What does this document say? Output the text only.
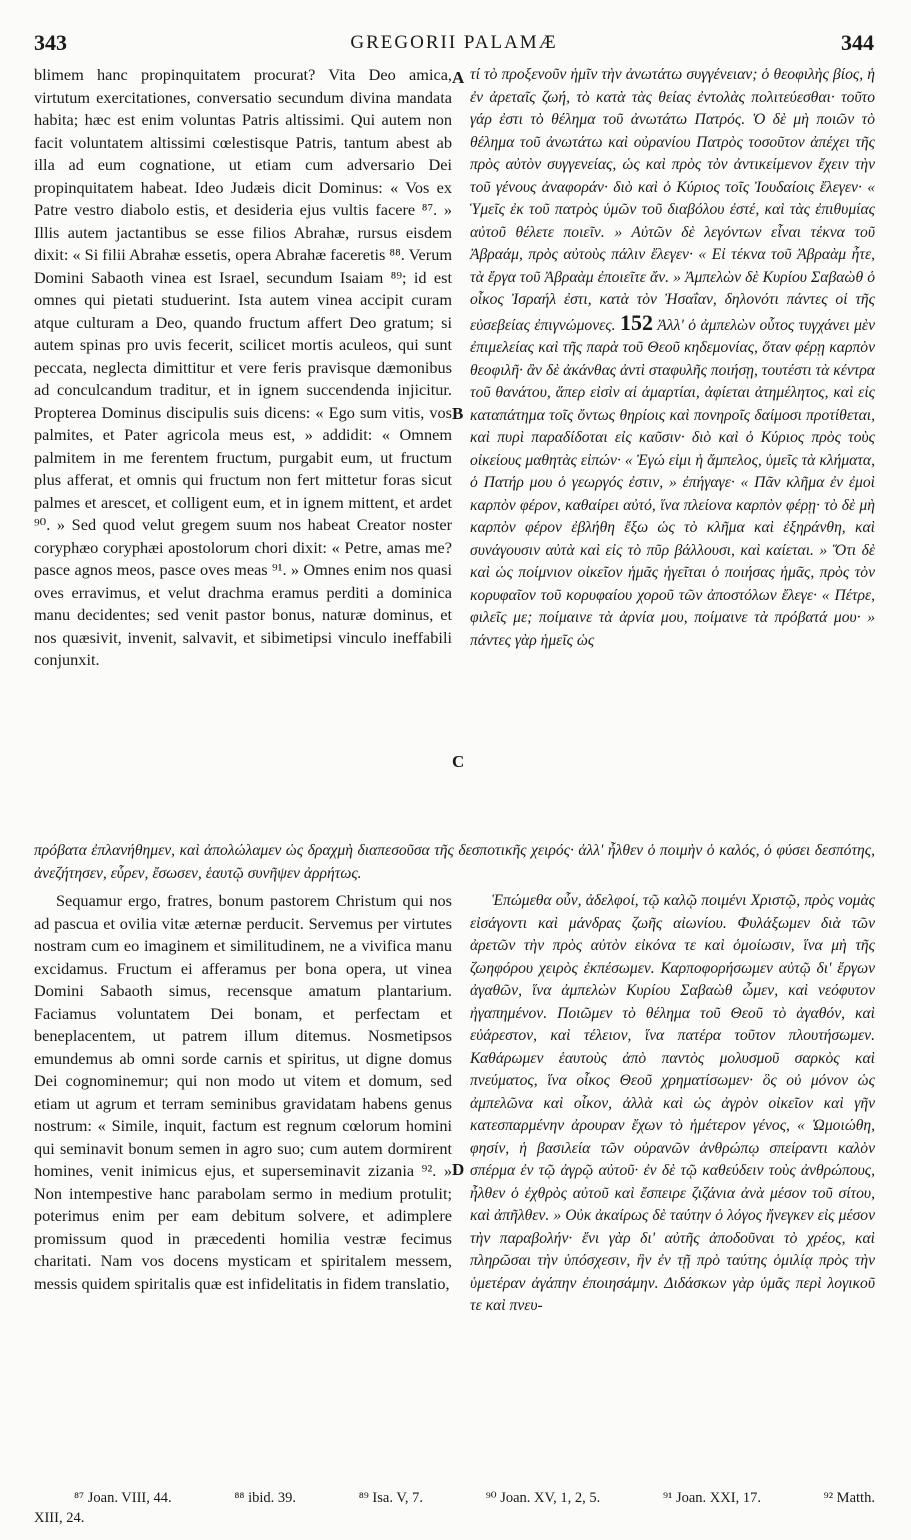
343	GREGORII PALAMÆ	344

blimem hanc propinquitatem procurat? Vita Deo amica, virtutum exercitationes, conversatio secundum divina mandata habita; hæc est enim voluntas Patris altissimi. Qui autem non facit voluntatem altissimi cœlestisque Patris, tantum abest ab illa ad eum cognatione, ut etiam cum adversario Dei propinquitatem habeat. Ideo Judæis dicit Dominus: « Vos ex Patre vestro diabolo estis, et desideria ejus vultis facere ⁸⁷. » Illis autem jactantibus se esse filios Abrahæ, rursus eisdem dixit: « Si filii Abrahæ essetis, opera Abrahæ faceretis ⁸⁸. Verum Domini Sabaoth vinea est Israel, secundum Isaiam ⁸⁹; id est omnes qui pietati studuerint. Ista autem vinea accipit curam atque culturam a Deo, quando fructum affert Deo gratum; si autem spinas pro uvis fecerit, scilicet mortis aculeos, qui sunt peccata, neglecta dimittitur et vere feris pravisque dæmonibus ad conculcandum traditur, et in ignem succendenda injicitur. Propterea Dominus discipulis suis dicens: « Ego sum vitis, vos palmites, et Pater agricola meus est, » addidit: « Omnem palmitem in me ferentem fructum, purgabit eum, ut fructum plus afferat, et omnis qui fructum non fert mittetur foras sicut palmes et arescet, et colligent eum, et in ignem mittent, et ardet ⁹⁰. » Sed quod velut gregem suum nos habeat Creator noster coryphæo coryphæi apostolorum chori dixit: « Petre, amas me? pasce agnos meos, pasce oves meas ⁹¹. » Omnes enim nos quasi oves erravimus, et velut drachma eramus perditi a dominica manu decidentes; sed venit pastor bonus, naturæ dominus, et nos quæsivit, invenit, salvavit, et sibimetipsi vinculo ineffabili conjunxit.

τί τὸ προξενοῦν ἡμῖν τὴν ἀνωτάτω συγγένειαν; ὁ θεοφιλὴς βίος, ἡ ἐν ἀρεταῖς ζωή, τὸ κατὰ τὰς θείας ἐντολὰς πολιτεύεσθαι· τοῦτο γάρ ἐστι τὸ θέλημα τοῦ ἀνωτάτω Πατρός. Ὁ δὲ μὴ ποιῶν τὸ θέλημα τοῦ ἀνωτάτω καὶ οὐρανίου Πατρὸς τοσοῦτον ἀπέχει τῆς πρὸς αὐτὸν συγγενείας, ὡς καὶ πρὸς τὸν ἀντικείμενον ἔχειν τὴν τοῦ γένους ἀναφοράν· διὸ καὶ ὁ Κύριος τοῖς Ἰουδαίοις ἔλεγεν· « Ὑμεῖς ἐκ τοῦ πατρὸς ὑμῶν τοῦ διαβόλου ἐστέ, καὶ τὰς ἐπιθυμίας αὐτοῦ θέλετε ποιεῖν. » Αὐτῶν δὲ λεγόντων εἶναι τέκνα τοῦ Ἀβραάμ, πρὸς αὐτοὺς πάλιν ἔλεγεν· « Εἰ τέκνα τοῦ Ἀβραὰμ ἦτε, τὰ ἔργα τοῦ Ἀβραὰμ ἐποιεῖτε ἄν. » Ἀμπελὼν δὲ Κυρίου Σαβαὼθ ὁ οἶκος Ἰσραήλ ἐστι, κατὰ τὸν Ἠσαΐαν, δηλονότι πάντες οἱ τῆς εὐσεβείας ἐπιγνώμονες. 152 Ἀλλ' ὁ ἀμπελὼν οὗτος τυγχάνει μὲν ἐπιμελείας καὶ τῆς παρὰ τοῦ Θεοῦ κηδεμονίας, ὅταν φέρῃ καρπὸν θεοφιλῆ· ἂν δὲ ἀκάνθας ἀντὶ σταφυλῆς ποιήσῃ, τουτέστι τὰ κέντρα τοῦ θανάτου, ἅπερ εἰσὶν αἱ ἁμαρτίαι, ἀφίεται ἀτημέλητος, καὶ εἰς καταπάτημα τοῖς ὄντως θηρίοις καὶ πονηροῖς δαίμοσι προτίθεται, καὶ πυρὶ παραδίδοται εἰς καῦσιν· διὸ καὶ ὁ Κύριος πρὸς τοὺς οἰκείους μαθητὰς εἰπών· « Ἐγώ εἰμι ἡ ἄμπελος, ὑμεῖς τὰ κλήματα, ὁ Πατήρ μου ὁ γεωργός ἐστιν, » ἐπήγαγε· « Πᾶν κλῆμα ἐν ἐμοὶ καρπὸν φέρον, καθαίρει αὐτό, ἵνα πλείονα καρπὸν φέρῃ· τὸ δὲ μὴ καρπὸν φέρον ἐβλήθη ἔξω ὡς τὸ κλῆμα καὶ ἐξηράνθη, καὶ συνάγουσιν αὐτὰ καὶ εἰς τὸ πῦρ βάλλουσι, καὶ καίεται. » Ὅτι δὲ καὶ ὡς ποίμνιον οἰκεῖον ἡμᾶς ἡγεῖται ὁ ποιήσας ἡμᾶς, πρὸς τὸν κορυφαῖον τοῦ κορυφαίου χοροῦ τῶν ἀποστόλων ἔλεγε· « Πέτρε, φιλεῖς με; ποίμαινε τὰ ἀρνία μου, ποίμαινε τὰ πρόβατά μου· » πάντες γὰρ ἡμεῖς ὡς

A
B
C
D
πρόβατα ἐπλανήθημεν, καὶ ἀπολώλαμεν ὡς δραχμὴ διαπεσοῦσα τῆς δεσποτικῆς χειρός· ἀλλ' ἦλθεν ὁ ποιμὴν ὁ καλός, ὁ φύσει δεσπότης, ἀνεζήτησεν, εὗρεν, ἔσωσεν, ἑαυτῷ συνῆψεν ἀρρήτως.

Sequamur ergo, fratres, bonum pastorem Christum qui nos ad pascua et ovilia vitæ æternæ perducit. Servemus per virtutes nostram cum eo imaginem et similitudinem, ne a vivifica manu excidamus. Fructum ei afferamus per bona opera, ut vinea Domini Sabaoth simus, recensque amatum plantarium. Faciamus voluntatem Dei bonam, et perfectam et beneplacentem, ut patrem illum ditemus. Nosmetipsos emundemus ab omni sorde carnis et spiritus, ut digne domus Dei cognominemur; qui non modo ut vitem et domum, sed etiam ut agrum et terram seminibus gravidatam habens genus nostrum: « Simile, inquit, factum est regnum cœlorum homini qui seminavit bonum semen in agro suo; cum autem dormirent homines, venit inimicus ejus, et superseminavit zizania ⁹². » Non intempestive hanc parabolam sermo in medium protulit; poterimus enim per eam debitum solvere, et adimplere promissum quod in præcedenti homilia vestræ fecimus charitati. Nam vos docens mysticam et spiritalem messem, messis quidem spiritalis quæ est infidelitatis in fidem translatio,

Ἑπώμεθα οὖν, ἀδελφοί, τῷ καλῷ ποιμένι Χριστῷ, πρὸς νομὰς εἰσάγοντι καὶ μάνδρας ζωῆς αἰωνίου. Φυλάξωμεν διὰ τῶν ἀρετῶν τὴν πρὸς αὐτὸν εἰκόνα τε καὶ ὁμοίωσιν, ἵνα μὴ τῆς ζωηφόρου χειρὸς ἐκπέσωμεν. Καρποφορήσωμεν αὐτῷ δι' ἔργων ἀγαθῶν, ἵνα ἀμπελὼν Κυρίου Σαβαὼθ ὦμεν, καὶ νεόφυτον ἠγαπημένον. Ποιῶμεν τὸ θέλημα τοῦ Θεοῦ τὸ ἀγαθόν, καὶ εὐάρεστον, καὶ τέλειον, ἵνα πατέρα τοῦτον πλουτήσωμεν. Καθάρωμεν ἑαυτοὺς ἀπὸ παντὸς μολυσμοῦ σαρκὸς καὶ πνεύματος, ἵνα οἶκος Θεοῦ χρηματίσωμεν· ὃς οὐ μόνον ὡς ἀμπελῶνα καὶ οἶκον, ἀλλὰ καὶ ὡς ἀγρὸν οἰκεῖον καὶ γῆν κατεσπαρμένην ἀρουραν ἔχων τὸ ἡμέτερον γένος, « Ὡμοιώθη, φησίν, ἡ βασιλεία τῶν οὐρανῶν ἀνθρώπῳ σπείραντι καλὸν σπέρμα ἐν τῷ ἀγρῷ αὐτοῦ· ἐν δὲ τῷ καθεύδειν τοὺς ἀνθρώπους, ἦλθεν ὁ ἐχθρὸς αὐτοῦ καὶ ἔσπειρε ζιζάνια ἀνὰ μέσον τοῦ σίτου, καὶ ἀπῆλθεν. » Οὐκ ἀκαίρως δὲ ταύτην ὁ λόγος ἤνεγκεν εἰς μέσον τὴν παραβολήν· ἔνι γὰρ δι' αὐτῆς ἀποδοῦναι τὸ χρέος, καὶ πληρῶσαι τὴν ὑπόσχεσιν, ἣν ἐν τῇ πρὸ ταύτης ὁμιλίᾳ πρὸς τὴν ὑμετέραν ἀγάπην ἐποιησάμην. Διδάσκων γὰρ ὑμᾶς περὶ λογικοῦ τε καὶ πνευ-

⁸⁷ Joan. VIII, 44.	⁸⁸ ibid. 39.	⁸⁹ Isa. V, 7.	⁹⁰ Joan. XV, 1, 2, 5.	⁹¹ Joan. XXI, 17.	⁹² Matth.
XIII, 24.
